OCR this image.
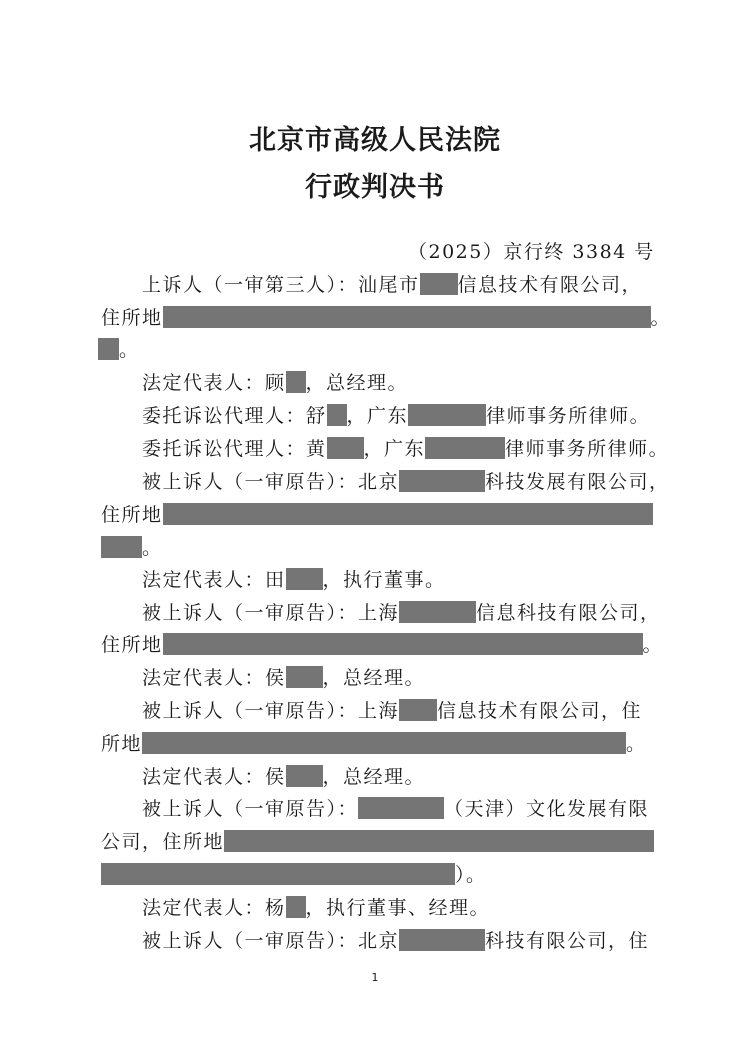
北京市高级人民法院
行政判决书
（2025）京行终 3384 号
上诉人（一审第三人）：汕尾市 信息技术有限公司，
住所地	。
。
法定代表人：顾 ，总经理。
委托诉讼代理人：舒 ，广东	律师事务所律师。
委托诉讼代理人：黄 ，广东	律师事务所律师。
被上诉人（一审原告）：北京	科技发展有限公司，
住所地
。
法定代表人：田 ，执行董事。
被上诉人（一审原告）：上海	信息科技有限公司，
住所地	。
法定代表人：侯 ，总经理。
被上诉人（一审原告）：上海 信息技术有限公司，住
所地	。
法定代表人：侯 ，总经理。
被上诉人（一审原告）：	（天津）文化发展有限
公司，住所地
）。
法定代表人：杨 ，执行董事、经理。
被上诉人（一审原告）：北京	科技有限公司，住
1
